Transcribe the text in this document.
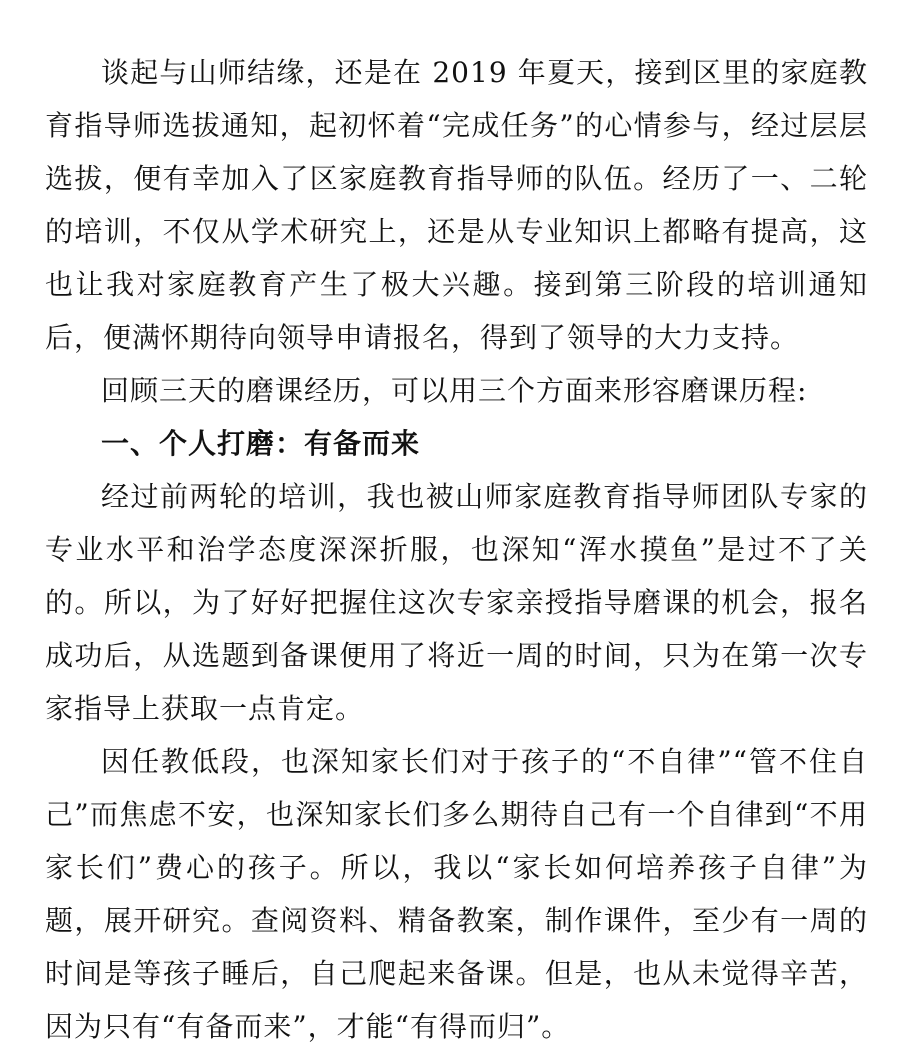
谈起与山师结缘，还是在 2019 年夏天，接到区里的家庭教育指导师选拔通知，起初怀着“完成任务”的心情参与，经过层层选拔，便有幸加入了区家庭教育指导师的队伍。经历了一、二轮的培训，不仅从学术研究上，还是从专业知识上都略有提高，这也让我对家庭教育产生了极大兴趣。接到第三阶段的培训通知后，便满怀期待向领导申请报名，得到了领导的大力支持。

回顾三天的磨课经历，可以用三个方面来形容磨课历程:

一、个人打磨：有备而来

经过前两轮的培训，我也被山师家庭教育指导师团队专家的专业水平和治学态度深深折服，也深知“浑水摸鱼”是过不了关的。所以，为了好好把握住这次专家亲授指导磨课的机会，报名成功后，从选题到备课便用了将近一周的时间，只为在第一次专家指导上获取一点肯定。

因任教低段，也深知家长们对于孩子的“不自律”“管不住自己”而焦虑不安，也深知家长们多么期待自己有一个自律到“不用家长们”费心的孩子。所以，我以“家长如何培养孩子自律”为题，展开研究。查阅资料、精备教案，制作课件，至少有一周的时间是等孩子睡后，自己爬起来备课。但是，也从未觉得辛苦，因为只有“有备而来”，才能“有得而归”。
